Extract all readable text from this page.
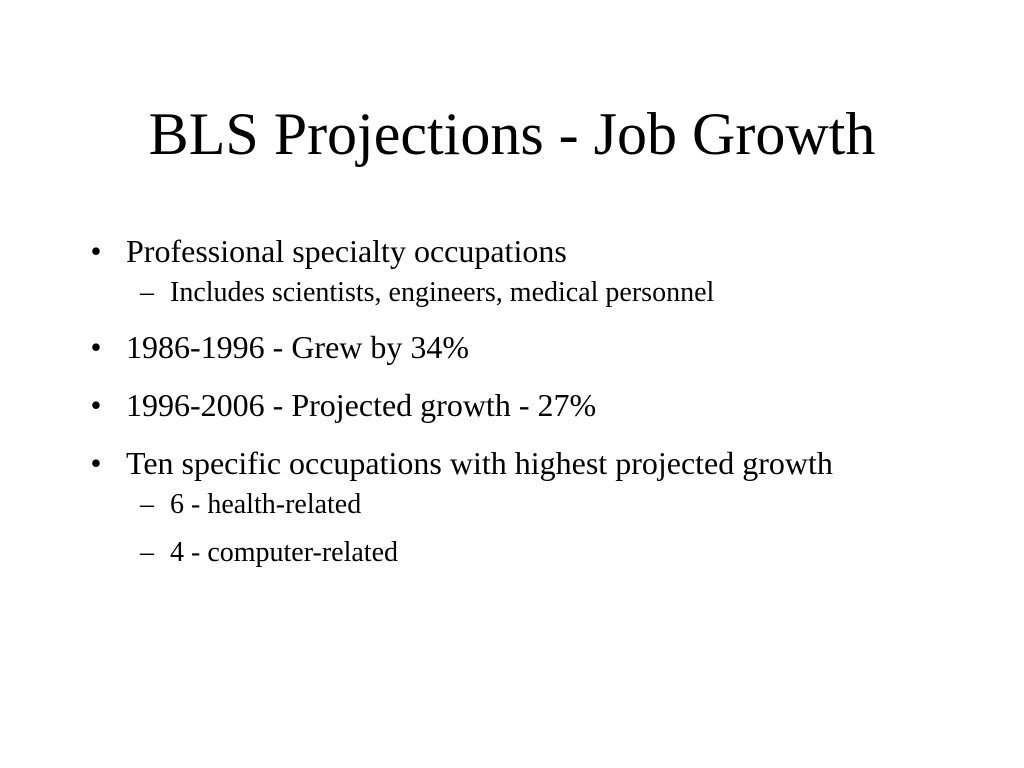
BLS Projections - Job Growth
• Professional specialty occupations
– Includes scientists, engineers, medical personnel
• 1986-1996 - Grew by 34%
• 1996-2006 - Projected growth - 27%
• Ten specific occupations with highest projected growth
– 6 - health-related
– 4 - computer-related
